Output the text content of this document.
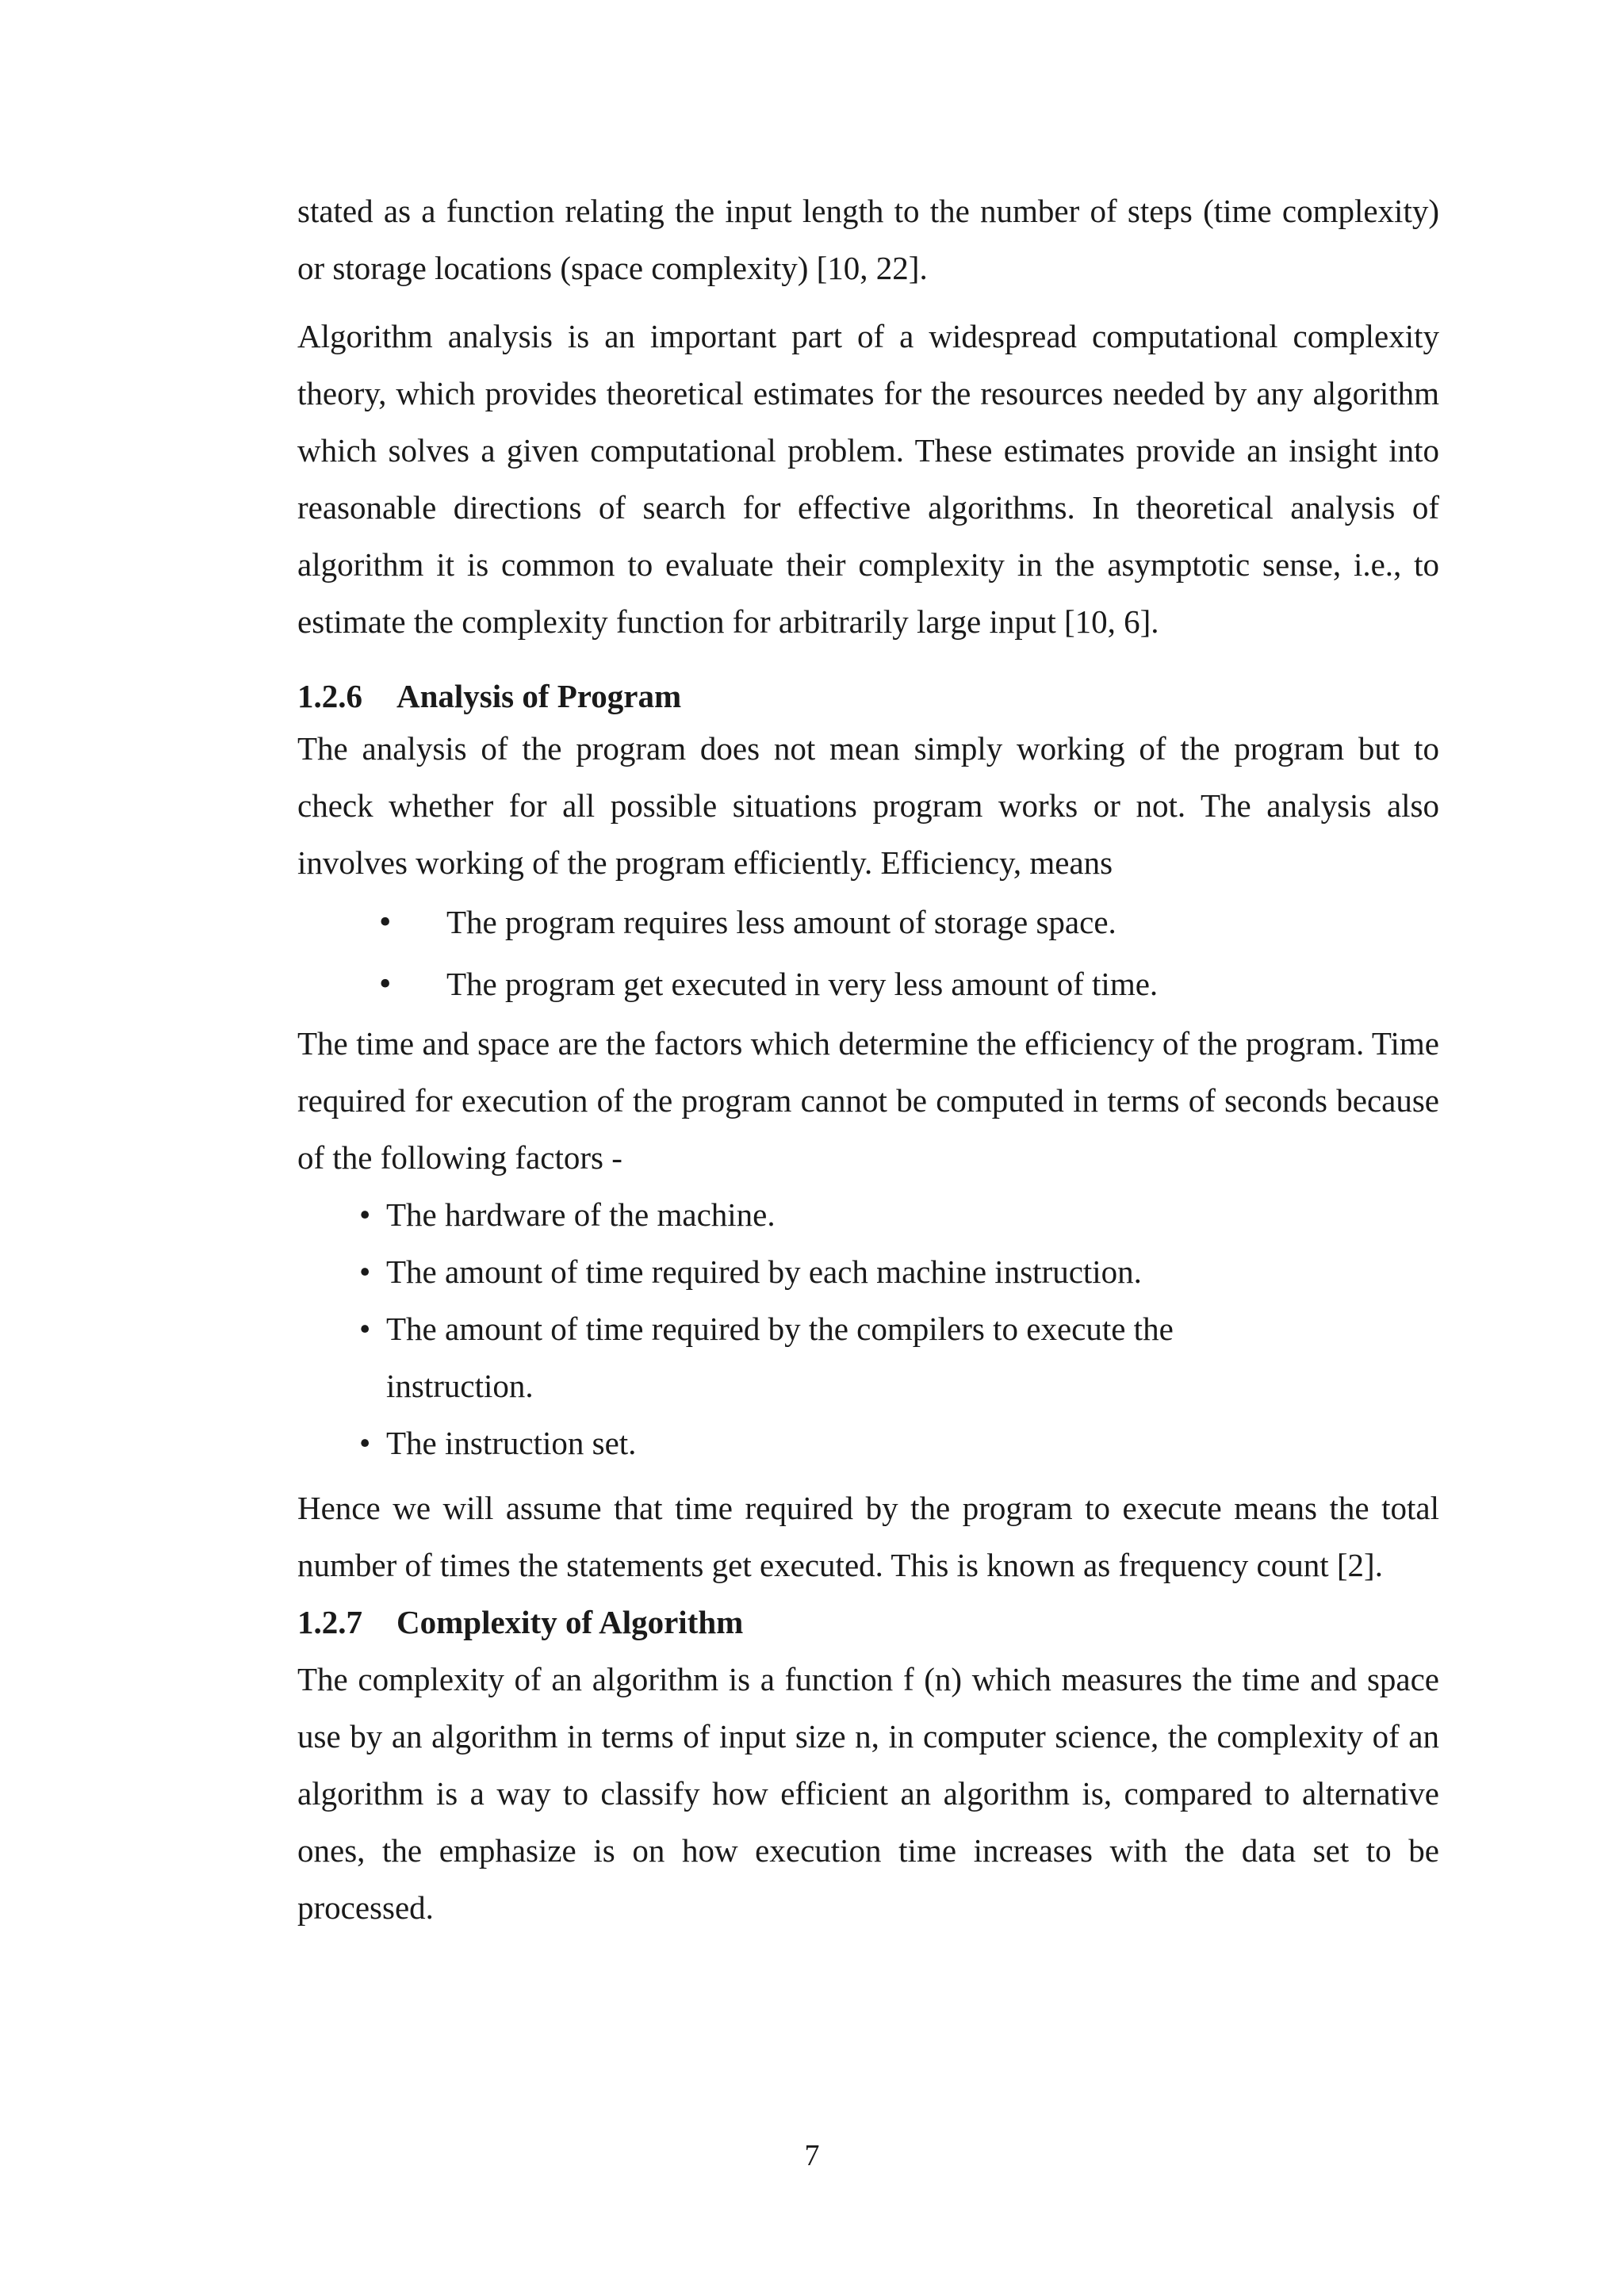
stated as a function relating the input length to the number of steps (time complexity) or storage locations (space complexity) [10, 22].

Algorithm analysis is an important part of a widespread computational complexity theory, which provides theoretical estimates for the resources needed by any algorithm which solves a given computational problem. These estimates provide an insight into reasonable directions of search for effective algorithms. In theoretical analysis of algorithm it is common to evaluate their complexity in the asymptotic sense, i.e., to estimate the complexity function for arbitrarily large input [10, 6].

1.2.6 Analysis of Program

The analysis of the program does not mean simply working of the program but to check whether for all possible situations program works or not. The analysis also involves working of the program efficiently. Efficiency, means

• The program requires less amount of storage space.
• The program get executed in very less amount of time.

The time and space are the factors which determine the efficiency of the program. Time required for execution of the program cannot be computed in terms of seconds because of the following factors -

• The hardware of the machine.
• The amount of time required by each machine instruction.
• The amount of time required by the compilers to execute the instruction.
• The instruction set.

Hence we will assume that time required by the program to execute means the total number of times the statements get executed. This is known as frequency count [2].

1.2.7 Complexity of Algorithm

The complexity of an algorithm is a function f (n) which measures the time and space use by an algorithm in terms of input size n, in computer science, the complexity of an algorithm is a way to classify how efficient an algorithm is, compared to alternative ones, the emphasize is on how execution time increases with the data set to be processed.

7
